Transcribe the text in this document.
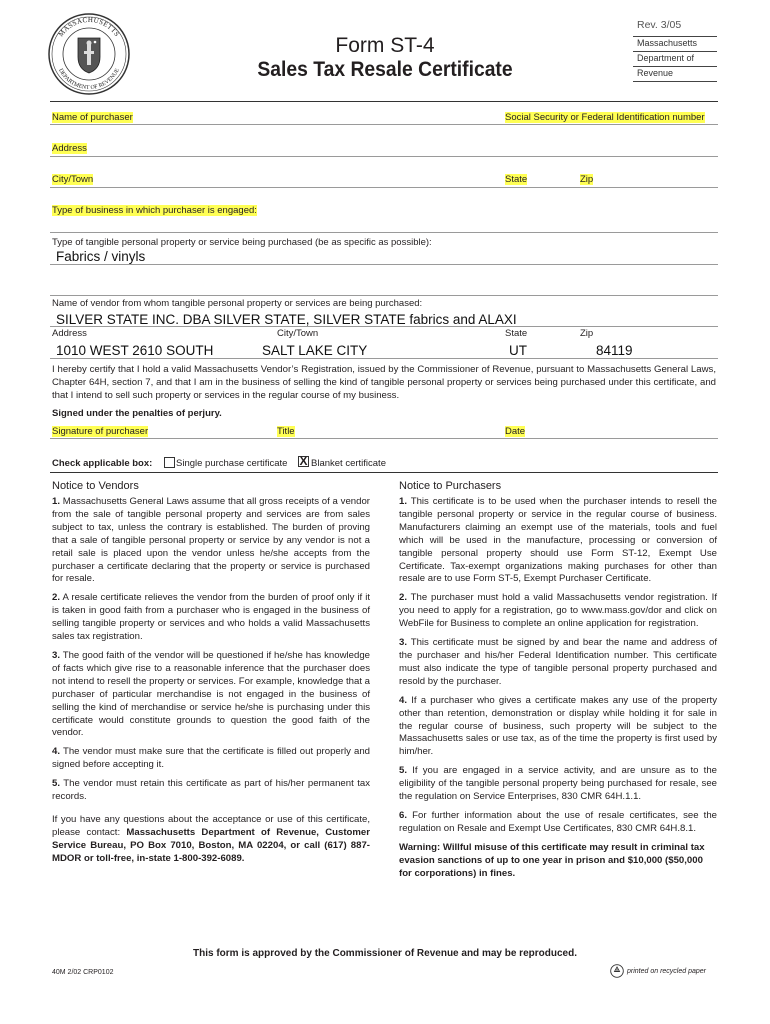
MASSACHUSETTS
DEPARTMENT OF REVENUE
Rev. 3/05
Massachusetts
Department of
Revenue
Form ST-4
Sales Tax Resale Certificate
Name of purchaser	Social Security or Federal Identification number
Address
City/Town	State	Zip
Type of business in which purchaser is engaged:
Type of tangible personal property or service being purchased (be as specific as possible):
Fabrics / vinyls
Name of vendor from whom tangible personal property or services are being purchased:
SILVER STATE INC. DBA SILVER STATE, SILVER STATE fabrics and ALAXI
Address	City/Town	State	Zip
1010 WEST 2610 SOUTH	SALT LAKE CITY	UT	84119

I hereby certify that I hold a valid Massachusetts Vendor’s Registration, issued by the Commissioner of Revenue, pursuant to Massachusetts General Laws, Chapter 64H, section 7, and that I am in the business of selling the kind of tangible personal property or services being purchased under this certificate, and that I intend to sell such property or services in the regular course of my business.

Signed under the penalties of perjury.
Signature of purchaser	Title	Date
Check applicable box: Single purchase certificate X Blanket certificate
Notice to Vendors	Notice to Purchasers
1. Massachusetts General Laws assume that all gross receipts of a vendor from the sale of tangible personal property and services are from sales subject to tax, unless the contrary is established. The burden of proving that a sale of tangible personal property or service by any vendor is not a retail sale is placed upon the vendor unless he/she accepts from the purchaser a certificate declaring that the property or service is purchased for resale.
2. A resale certificate relieves the vendor from the burden of proof only if it is taken in good faith from a purchaser who is engaged in the business of selling tangible property or services and who holds a valid Massachusetts sales tax registration.
3. The good faith of the vendor will be questioned if he/she has knowledge of facts which give rise to a reasonable inference that the purchaser does not intend to resell the property or services. For example, knowledge that a purchaser of particular merchandise is not engaged in the business of selling the kind of merchandise or service he/she is purchasing under this certificate would constitute grounds to question the good faith of the vendor.
4. The vendor must make sure that the certificate is filled out properly and signed before accepting it.
5. The vendor must retain this certificate as part of his/her permanent tax records.
If you have any questions about the acceptance or use of this certificate, please contact: Massachusetts Department of Revenue, Customer Service Bureau, PO Box 7010, Boston, MA 02204, or call (617) 887-MDOR or toll-free, in-state 1-800-392-6089.
1. This certificate is to be used when the purchaser intends to resell the tangible personal property or service in the regular course of business. Manufacturers claiming an exempt use of the materials, tools and fuel which will be used in the manufacture, processing or conversion of tangible personal property should use Form ST-12, Exempt Use Certificate. Tax-exempt organizations making purchases for other than resale are to use Form ST-5, Exempt Purchaser Certificate.
2. The purchaser must hold a valid Massachusetts vendor registration. If you need to apply for a registration, go to www.mass.gov/dor and click on WebFile for Business to complete an online application for registration.
3. This certificate must be signed by and bear the name and address of the purchaser and his/her Federal Identification number. This certificate must also indicate the type of tangible personal property purchased and resold by the purchaser.
4. If a purchaser who gives a certificate makes any use of the property other than retention, demonstration or display while holding it for sale in the regular course of business, such property will be subject to the Massachusetts sales or use tax, as of the time the property is first used by him/her.
5. If you are engaged in a service activity, and are unsure as to the eligibility of the tangible personal property being purchased for resale, see the regulation on Service Enterprises, 830 CMR 64H.1.1.
6. For further information about the use of resale certificates, see the regulation on Resale and Exempt Use Certificates, 830 CMR 64H.8.1.
Warning: Willful misuse of this certificate may result in criminal tax evasion sanctions of up to one year in prison and $10,000 ($50,000 for corporations) in fines.
This form is approved by the Commissioner of Revenue and may be reproduced.
40M 2/02 CRP0102	printed on recycled paper
